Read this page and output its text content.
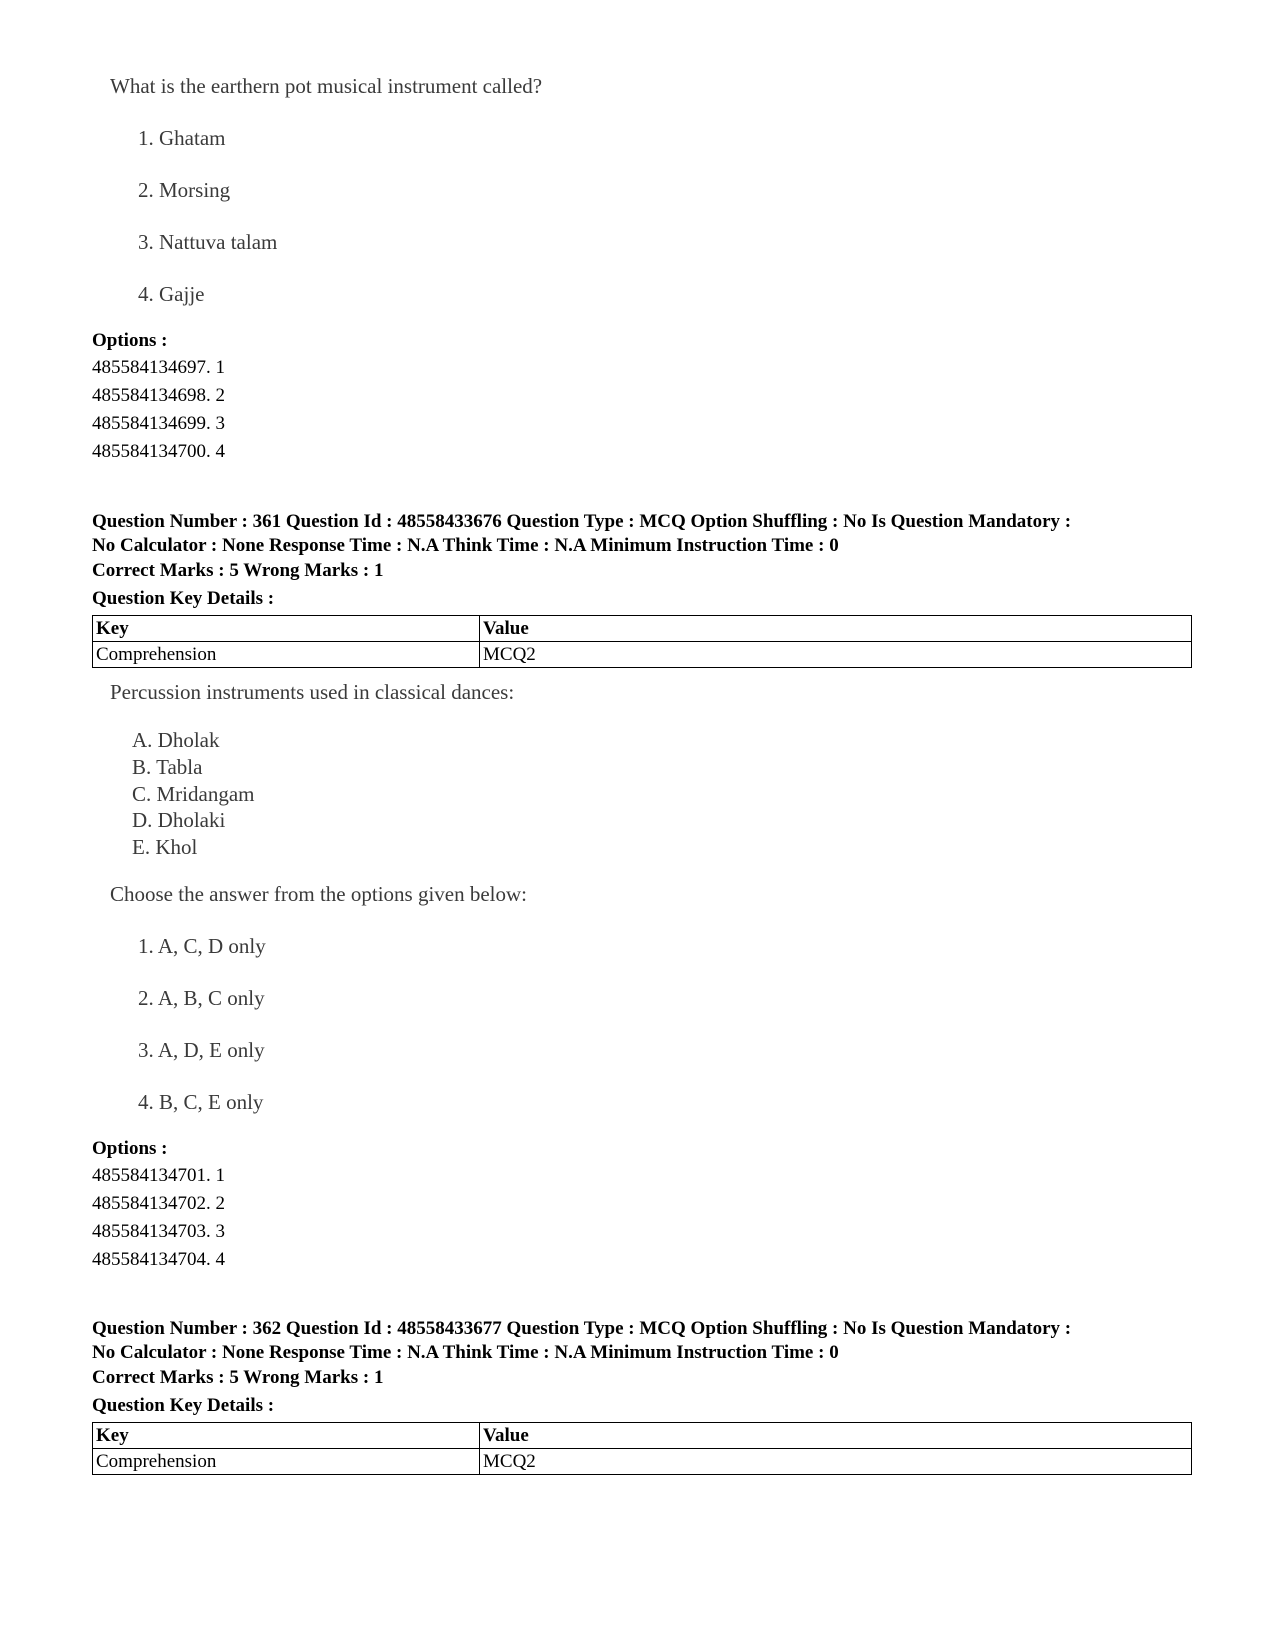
What is the earthern pot musical instrument called?
1. Ghatam
2. Morsing
3. Nattuva talam
4. Gajje
Options :
485584134697. 1
485584134698. 2
485584134699. 3
485584134700. 4
Question Number : 361 Question Id : 48558433676 Question Type : MCQ Option Shuffling : No Is Question Mandatory :
No Calculator : None Response Time : N.A Think Time : N.A Minimum Instruction Time : 0
Correct Marks : 5 Wrong Marks : 1
Question Key Details :
Key	Value
Comprehension	MCQ2
Percussion instruments used in classical dances:
A. Dholak
B. Tabla
C. Mridangam
D. Dholaki
E. Khol
Choose the answer from the options given below:
1. A, C, D only
2. A, B, C only
3. A, D, E only
4. B, C, E only
Options :
485584134701. 1
485584134702. 2
485584134703. 3
485584134704. 4
Question Number : 362 Question Id : 48558433677 Question Type : MCQ Option Shuffling : No Is Question Mandatory :
No Calculator : None Response Time : N.A Think Time : N.A Minimum Instruction Time : 0
Correct Marks : 5 Wrong Marks : 1
Question Key Details :
Key	Value
Comprehension	MCQ2
